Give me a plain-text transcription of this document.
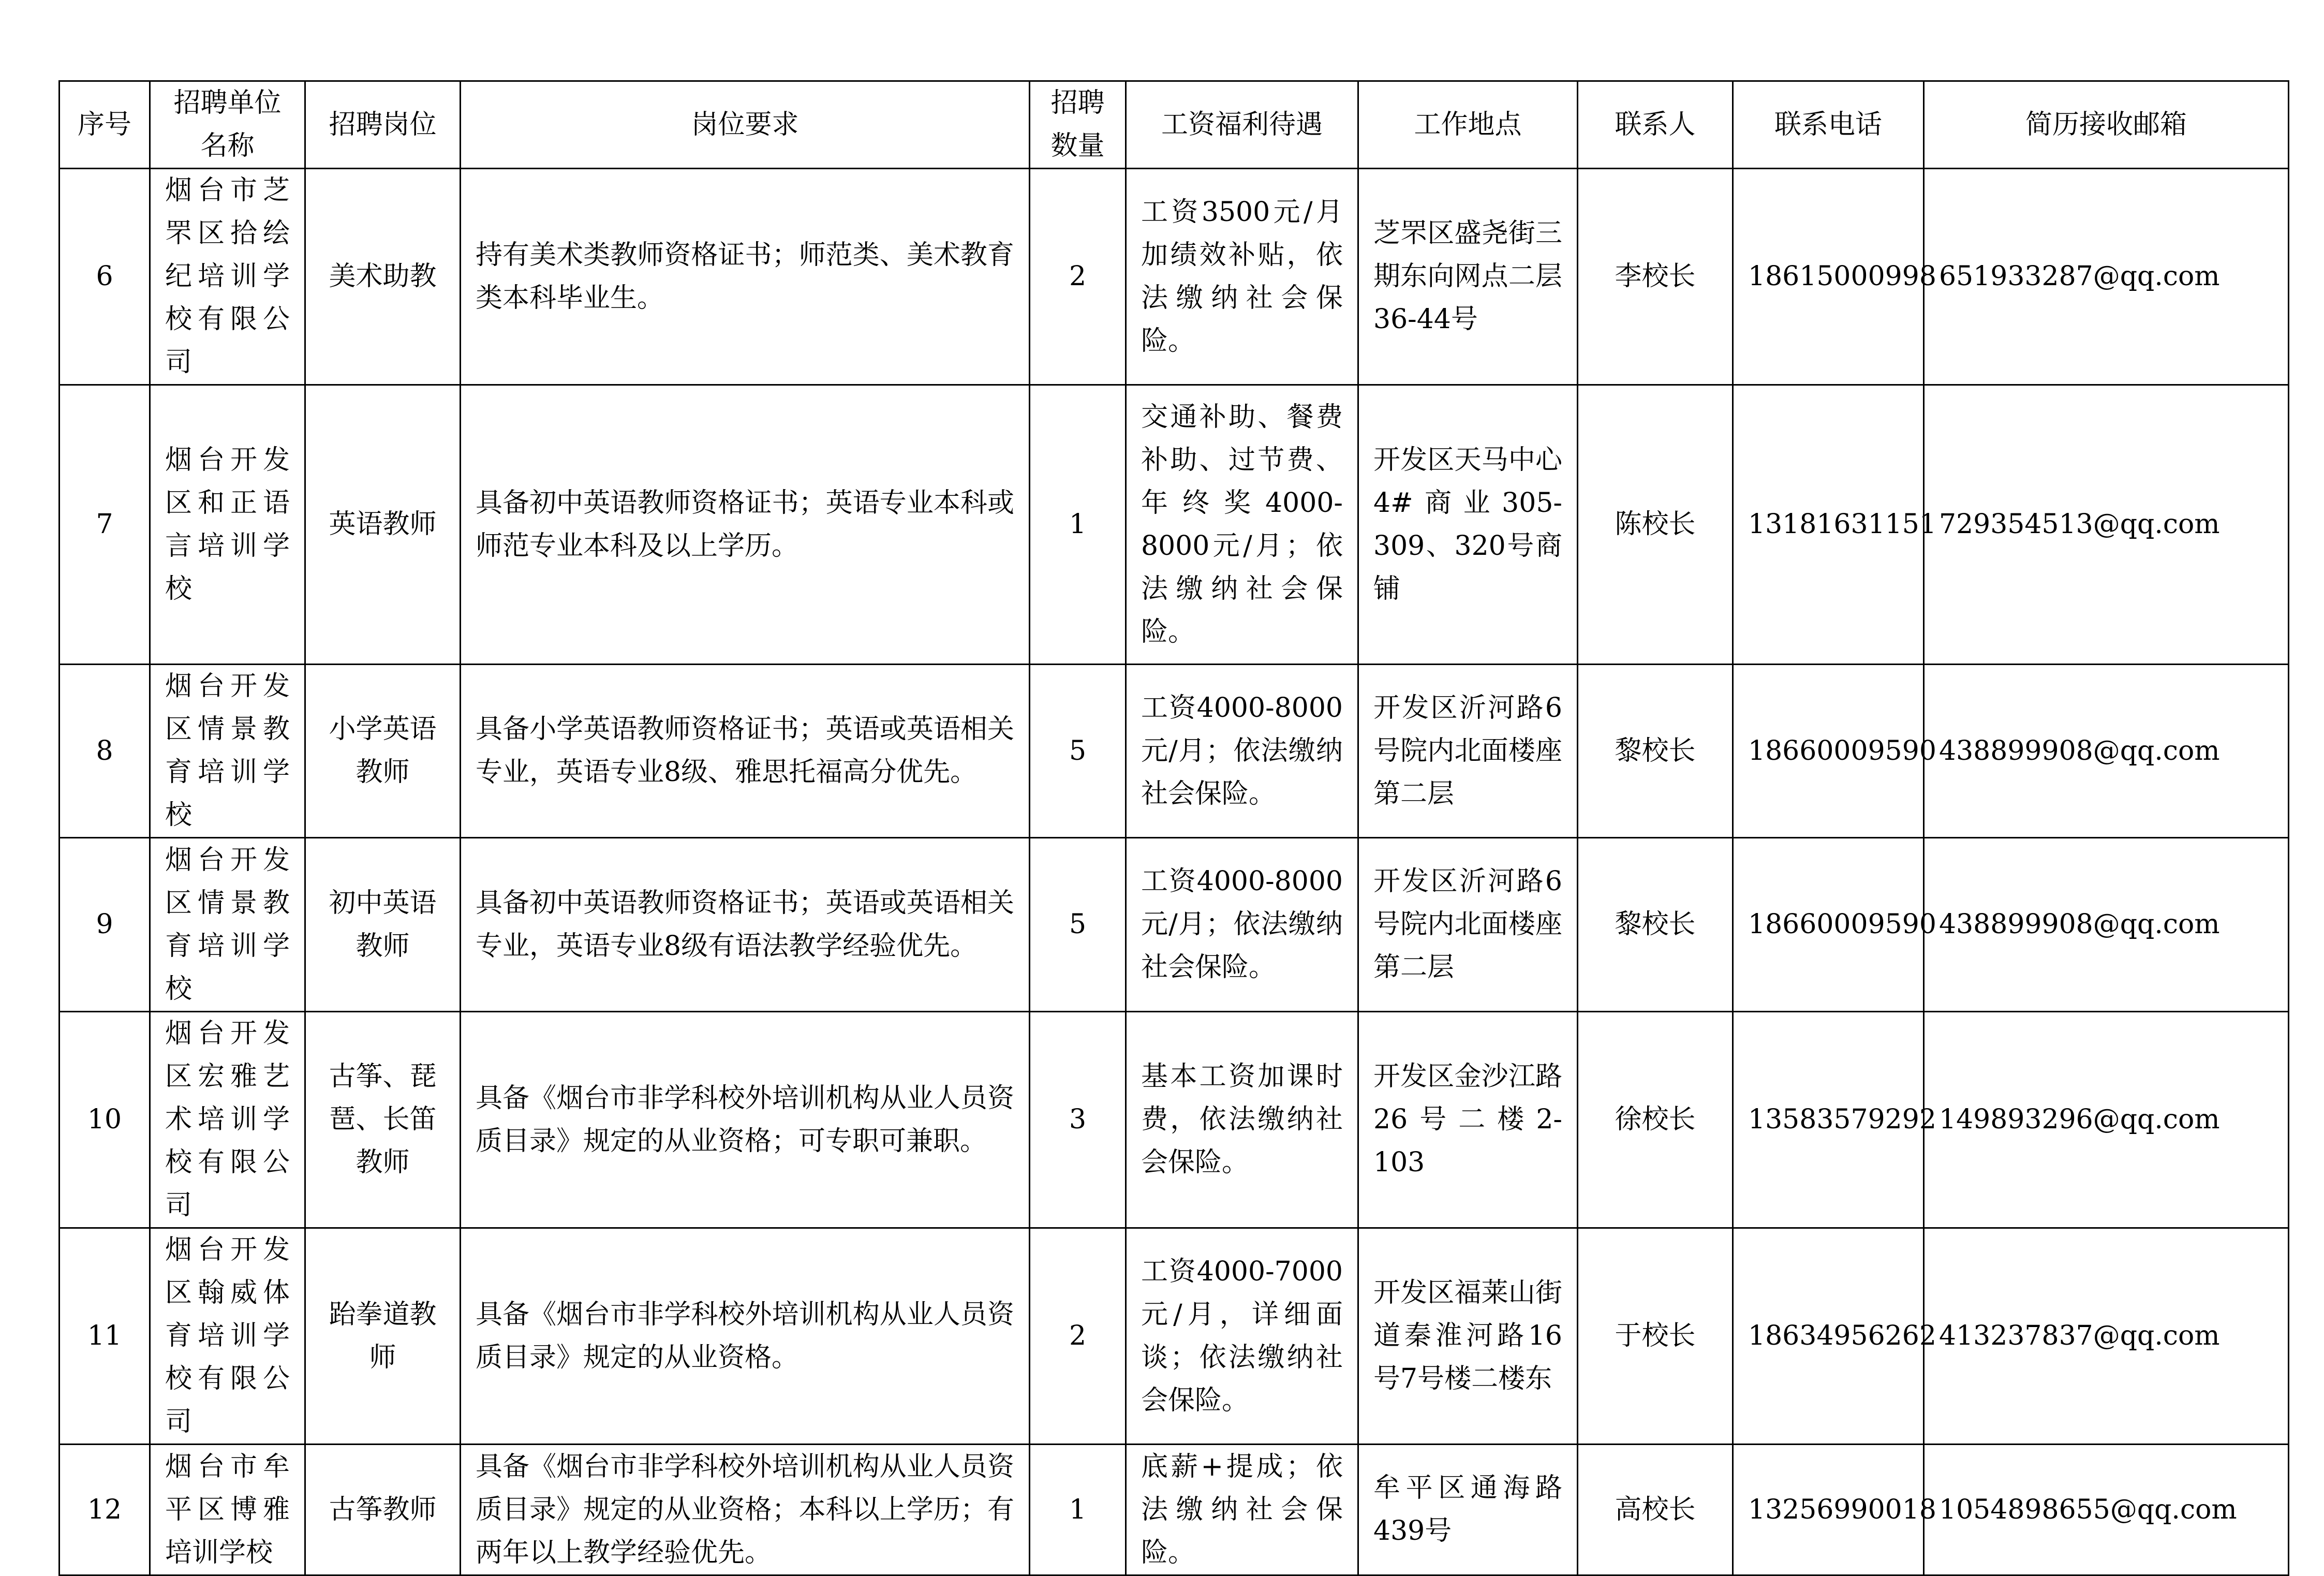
序号	招聘单位名称	招聘岗位	岗位要求	招聘数量	工资福利待遇	工作地点	联系人	联系电话	简历接收邮箱
6	烟台市芝罘区拾绘纪培训学校有限公司	美术助教	持有美术类教师资格证书；师范类、美术教育类本科毕业生。	2	工资3500元/月加绩效补贴，依法缴纳社会保险。	芝罘区盛尧街三期东向网点二层36-44号	李校长	18615000998	651933287@qq.com
7	烟台开发区和正语言培训学校	英语教师	具备初中英语教师资格证书；英语专业本科或师范专业本科及以上学历。	1	交通补助、餐费补助、过节费、年终奖4000-8000元/月；依法缴纳社会保险。	开发区天马中心4#商业305-309、320号商铺	陈校长	13181631151	729354513@qq.com
8	烟台开发区情景教育培训学校	小学英语教师	具备小学英语教师资格证书；英语或英语相关专业，英语专业8级、雅思托福高分优先。	5	工资4000-8000元/月；依法缴纳社会保险。	开发区沂河路6号院内北面楼座第二层	黎校长	18660009590	438899908@qq.com
9	烟台开发区情景教育培训学校	初中英语教师	具备初中英语教师资格证书；英语或英语相关专业，英语专业8级有语法教学经验优先。	5	工资4000-8000元/月；依法缴纳社会保险。	开发区沂河路6号院内北面楼座第二层	黎校长	18660009590	438899908@qq.com
10	烟台开发区宏雅艺术培训学校有限公司	古筝、琵琶、长笛教师	具备《烟台市非学科校外培训机构从业人员资质目录》规定的从业资格；可专职可兼职。	3	基本工资加课时费，依法缴纳社会保险。	开发区金沙江路26号二楼2-103	徐校长	13583579292	149893296@qq.com
11	烟台开发区翰威体育培训学校有限公司	跆拳道教师	具备《烟台市非学科校外培训机构从业人员资质目录》规定的从业资格。	2	工资4000-7000元/月，详细面谈；依法缴纳社会保险。	开发区福莱山街道秦淮河路16号7号楼二楼东	于校长	18634956262	413237837@qq.com
12	烟台市牟平区博雅培训学校	古筝教师	具备《烟台市非学科校外培训机构从业人员资质目录》规定的从业资格；本科以上学历；有两年以上教学经验优先。	1	底薪+提成；依法缴纳社会保险。	牟平区通海路439号	高校长	13256990018	1054898655@qq.com
